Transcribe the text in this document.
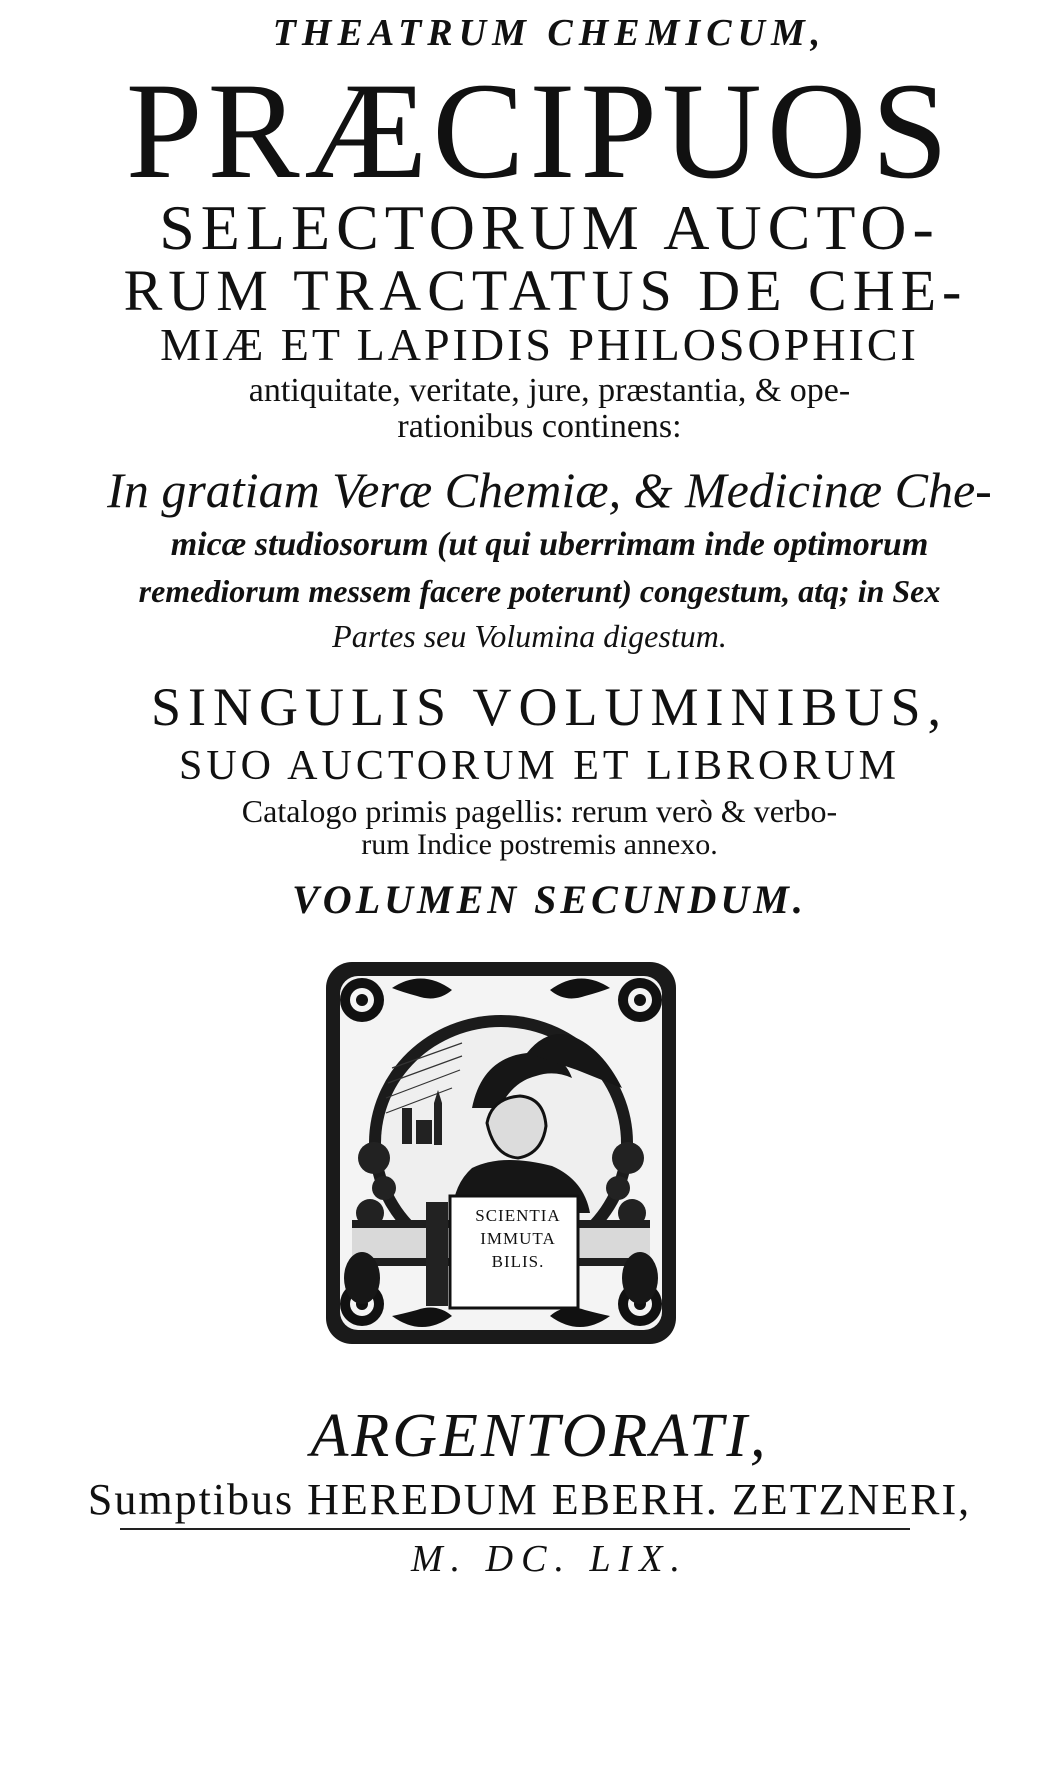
THEATRUM CHEMICUM,
PRÆCIPUOS
SELECTORUM AUCTO-
RUM TRACTATUS DE CHE-
MIÆ ET LAPIDIS PHILOSOPHICI
antiquitate, veritate, jure, præstantia, & ope-
rationibus continens:
In gratiam Veræ Chemiæ, & Medicinæ Che-
micæ studiosorum (ut qui uberrimam inde optimorum
remediorum messem facere poterunt) congestum, atq; in Sex
Partes seu Volumina digestum.
SINGULIS VOLUMINIBUS,
SUO AUCTORUM ET LIBRORUM
Catalogo primis pagellis: rerum verò & verbo-
rum Indice postremis annexo.
VOLUMEN SECUNDUM.
SCIENTIA
IMMUTA
BILIS.
ARGENTORATI,
Sumptibus HEREDUM EBERH. ZETZNERI,
M. DC. LIX.
